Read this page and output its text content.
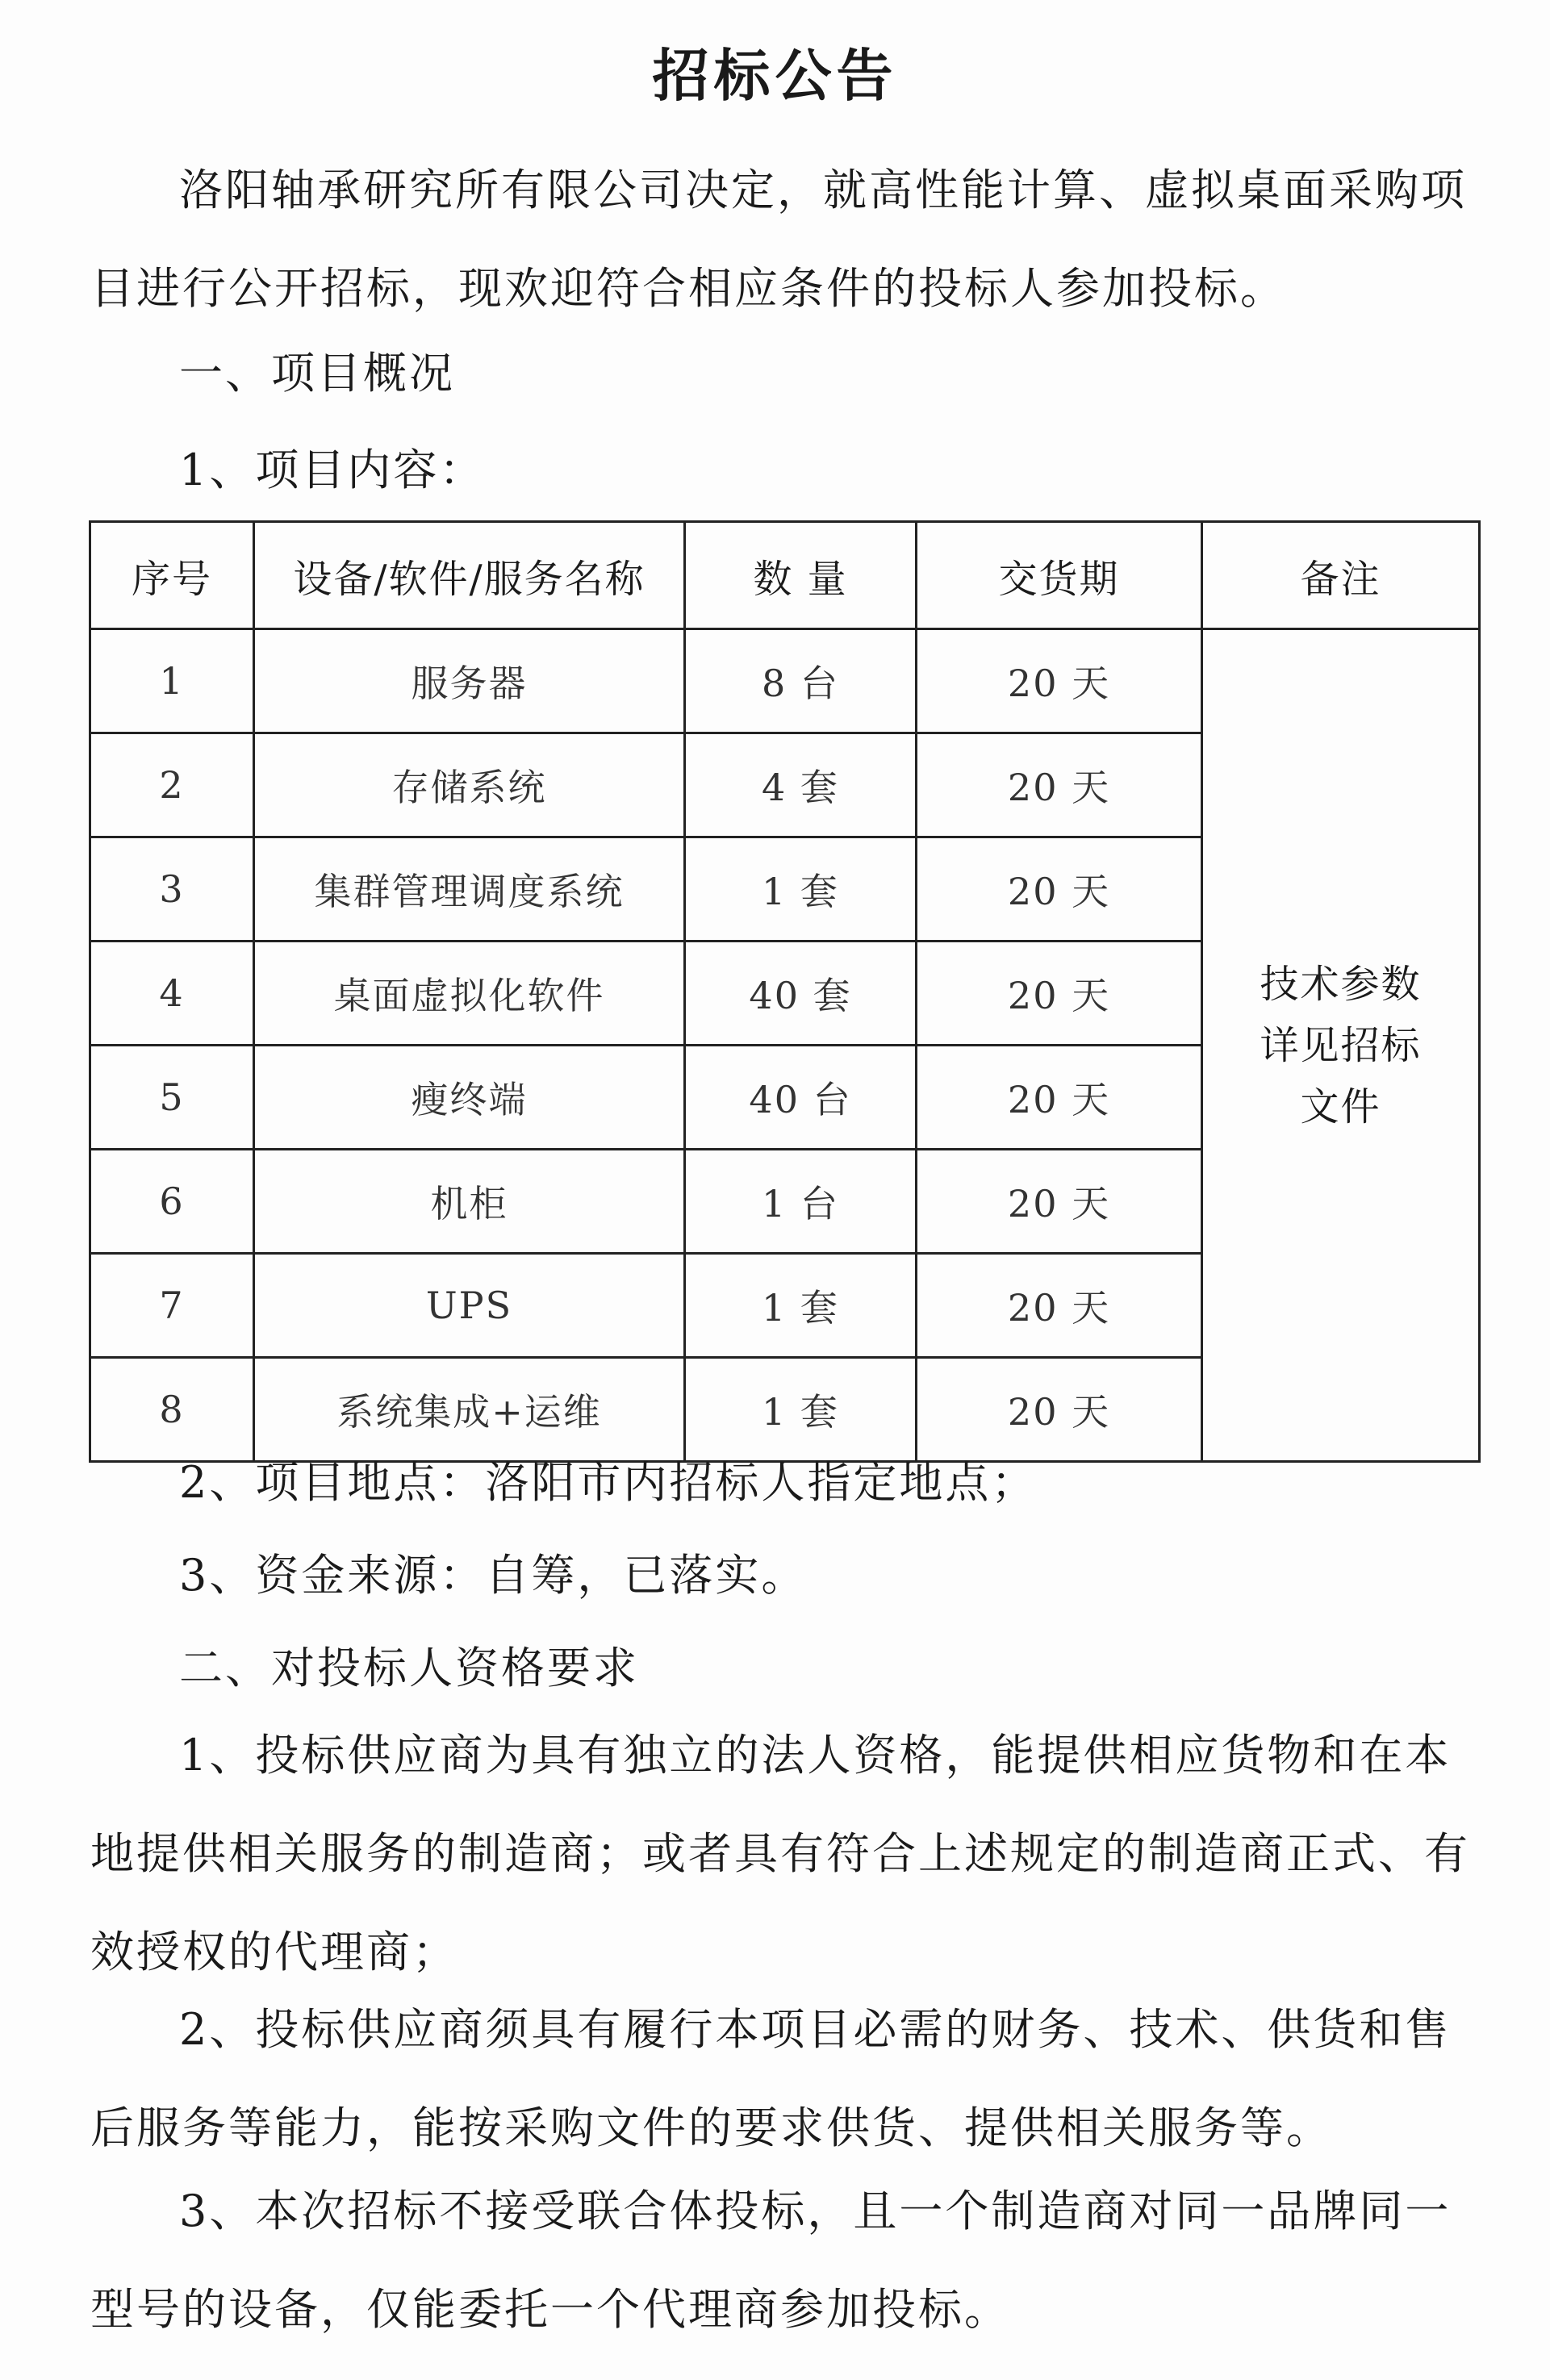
招标公告
洛阳轴承研究所有限公司决定，就高性能计算、虚拟桌面采购项目进行公开招标，现欢迎符合相应条件的投标人参加投标。
一、项目概况
1、项目内容：
序号	设备/软件/服务名称	数 量	交货期	备注
1	服务器	8 台	20 天	技术参数详见招标文件
2	存储系统	4 套	20 天	
3	集群管理调度系统	1 套	20 天	
4	桌面虚拟化软件	40 套	20 天	
5	瘦终端	40 台	20 天	
6	机柜	1 台	20 天	
7	UPS	1 套	20 天	
8	系统集成+运维	1 套	20 天	
2、项目地点：洛阳市内招标人指定地点；
3、资金来源：自筹，已落实。
二、对投标人资格要求
1、投标供应商为具有独立的法人资格，能提供相应货物和在本地提供相关服务的制造商；或者具有符合上述规定的制造商正式、有效授权的代理商；
2、投标供应商须具有履行本项目必需的财务、技术、供货和售后服务等能力，能按采购文件的要求供货、提供相关服务等。
3、本次招标不接受联合体投标，且一个制造商对同一品牌同一型号的设备，仅能委托一个代理商参加投标。
